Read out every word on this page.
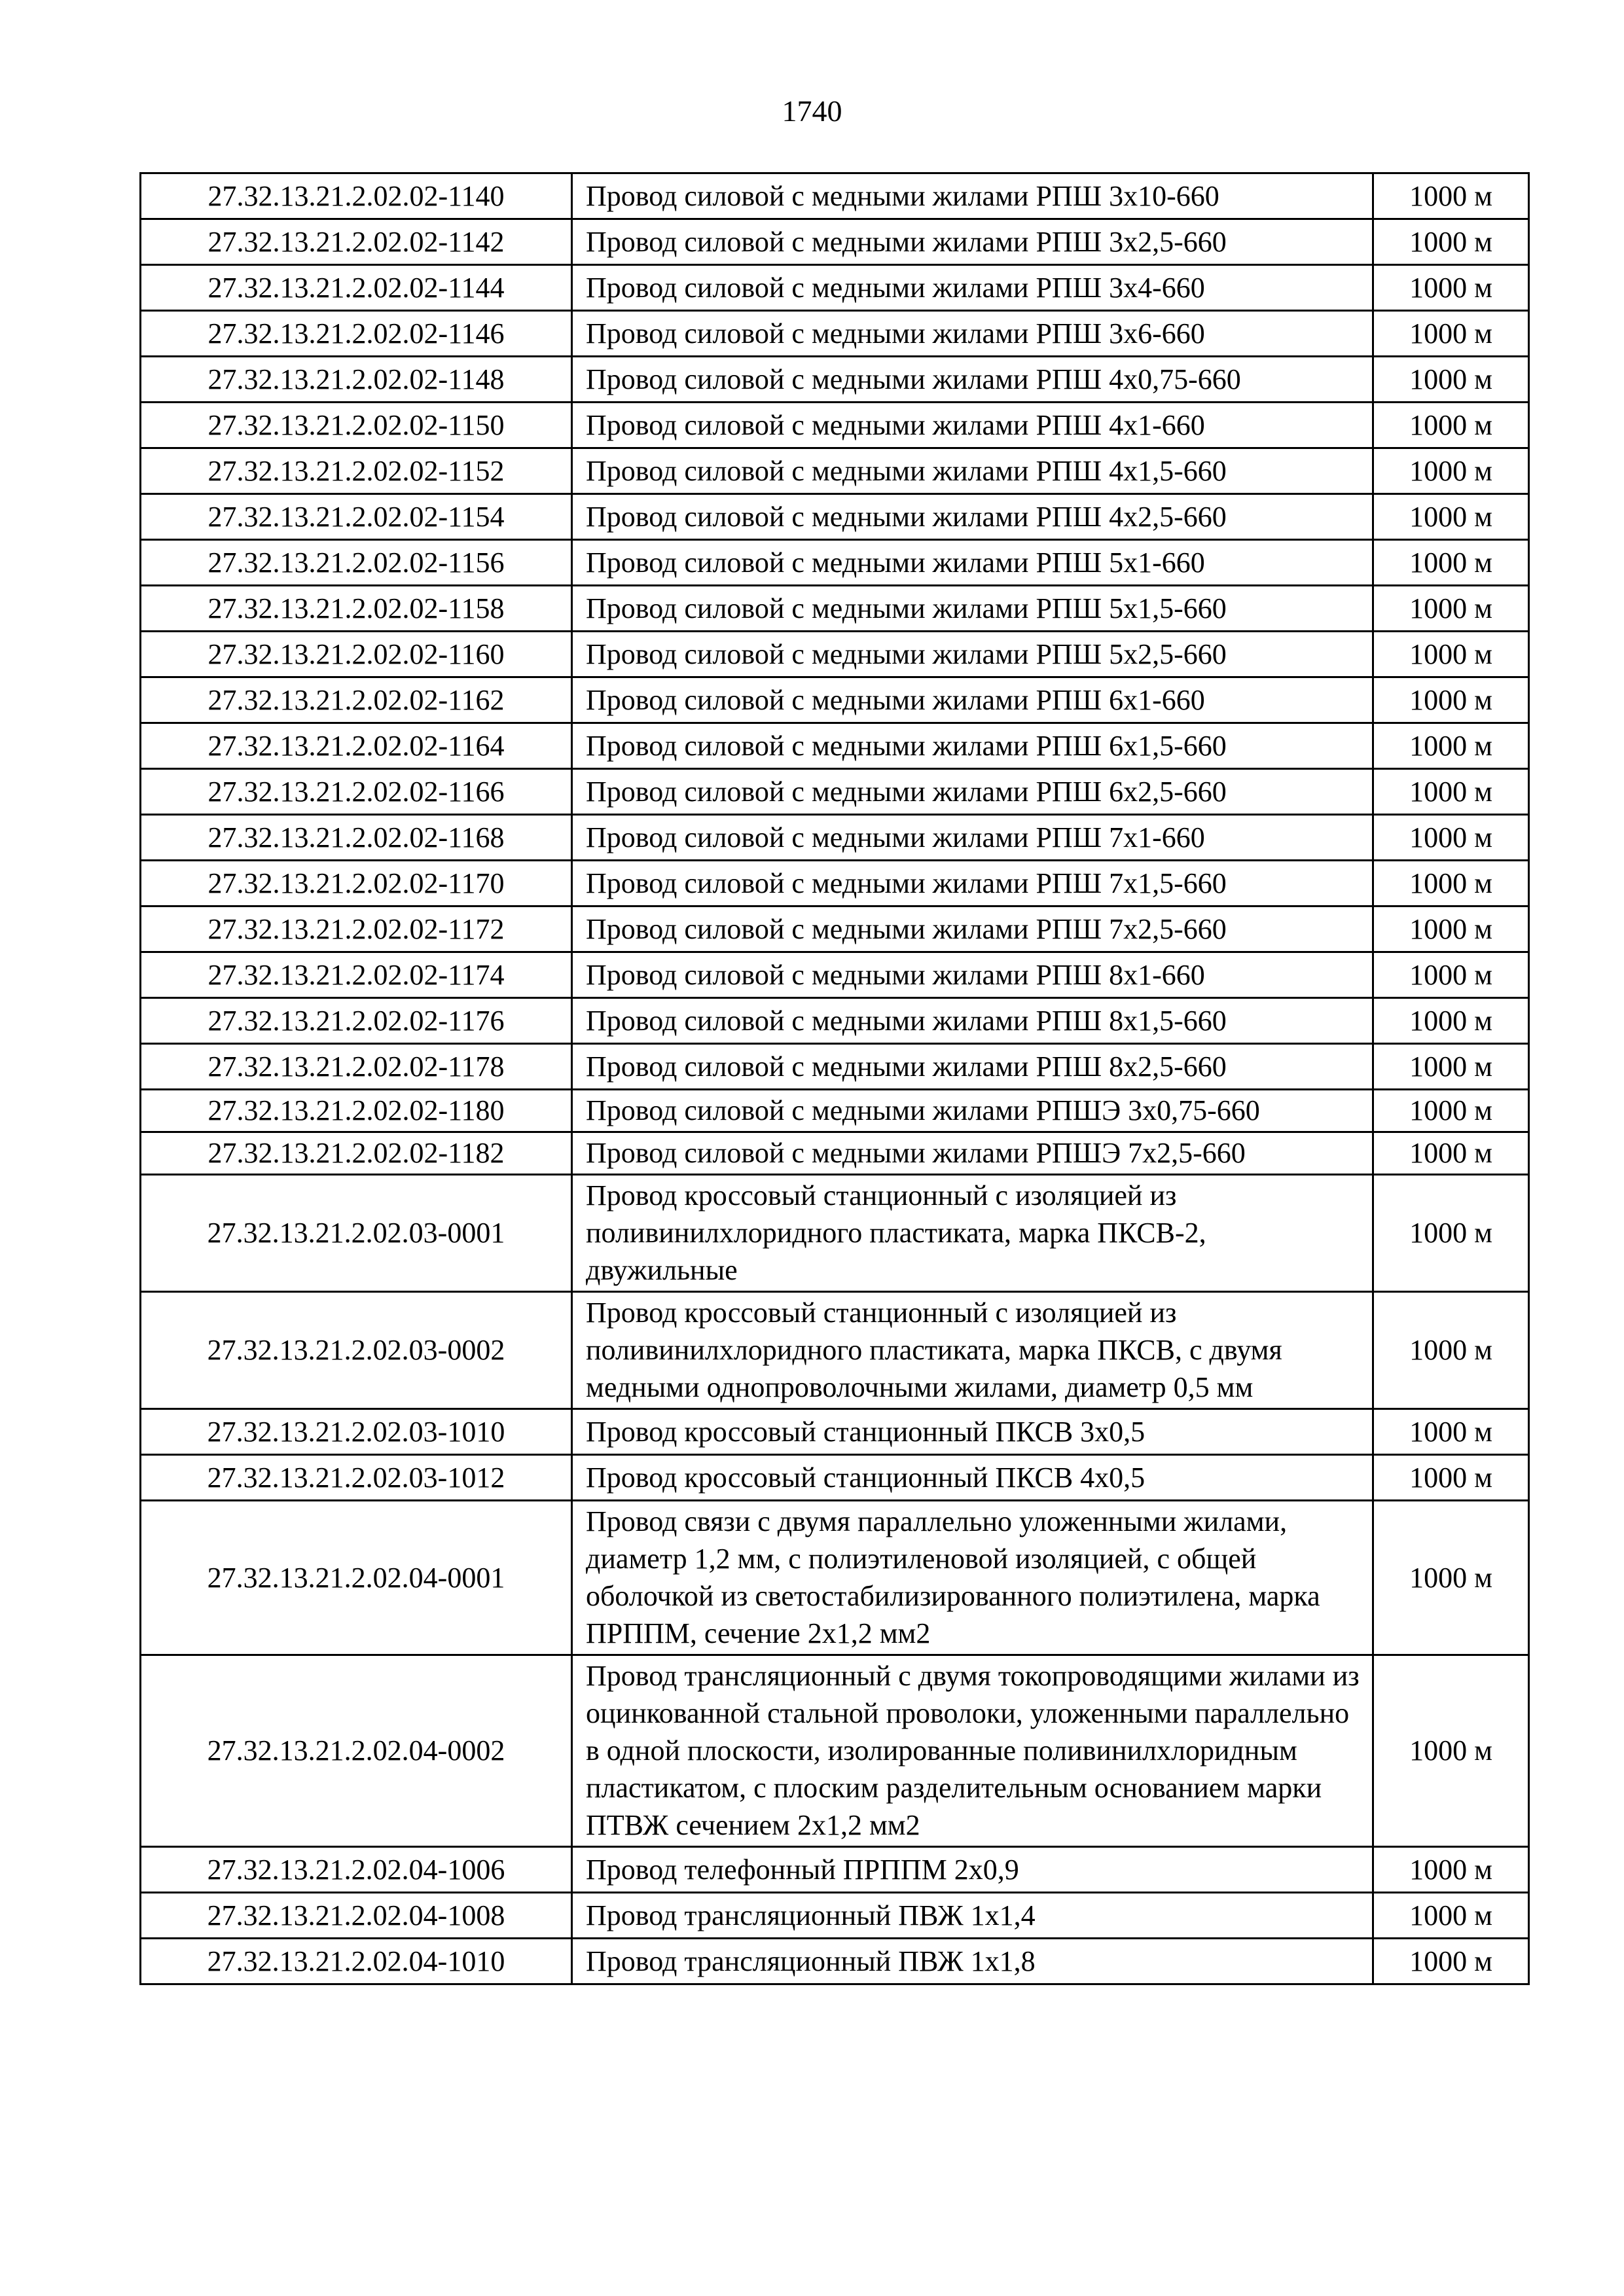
1740
27.32.13.21.2.02.02-1140	Провод силовой с медными жилами РПШ 3х10-660	1000 м
27.32.13.21.2.02.02-1142	Провод силовой с медными жилами РПШ 3х2,5-660	1000 м
27.32.13.21.2.02.02-1144	Провод силовой с медными жилами РПШ 3х4-660	1000 м
27.32.13.21.2.02.02-1146	Провод силовой с медными жилами РПШ 3х6-660	1000 м
27.32.13.21.2.02.02-1148	Провод силовой с медными жилами РПШ 4х0,75-660	1000 м
27.32.13.21.2.02.02-1150	Провод силовой с медными жилами РПШ 4х1-660	1000 м
27.32.13.21.2.02.02-1152	Провод силовой с медными жилами РПШ 4х1,5-660	1000 м
27.32.13.21.2.02.02-1154	Провод силовой с медными жилами РПШ 4х2,5-660	1000 м
27.32.13.21.2.02.02-1156	Провод силовой с медными жилами РПШ 5х1-660	1000 м
27.32.13.21.2.02.02-1158	Провод силовой с медными жилами РПШ 5х1,5-660	1000 м
27.32.13.21.2.02.02-1160	Провод силовой с медными жилами РПШ 5х2,5-660	1000 м
27.32.13.21.2.02.02-1162	Провод силовой с медными жилами РПШ 6х1-660	1000 м
27.32.13.21.2.02.02-1164	Провод силовой с медными жилами РПШ 6х1,5-660	1000 м
27.32.13.21.2.02.02-1166	Провод силовой с медными жилами РПШ 6х2,5-660	1000 м
27.32.13.21.2.02.02-1168	Провод силовой с медными жилами РПШ 7х1-660	1000 м
27.32.13.21.2.02.02-1170	Провод силовой с медными жилами РПШ 7х1,5-660	1000 м
27.32.13.21.2.02.02-1172	Провод силовой с медными жилами РПШ 7х2,5-660	1000 м
27.32.13.21.2.02.02-1174	Провод силовой с медными жилами РПШ 8х1-660	1000 м
27.32.13.21.2.02.02-1176	Провод силовой с медными жилами РПШ 8х1,5-660	1000 м
27.32.13.21.2.02.02-1178	Провод силовой с медными жилами РПШ 8х2,5-660	1000 м
27.32.13.21.2.02.02-1180	Провод силовой с медными жилами РПШЭ 3х0,75-660	1000 м
27.32.13.21.2.02.02-1182	Провод силовой с медными жилами РПШЭ 7х2,5-660	1000 м
27.32.13.21.2.02.03-0001	Провод кроссовый станционный с изоляцией из поливинилхлоридного пластиката, марка ПКСВ-2, двужильные	1000 м
27.32.13.21.2.02.03-0002	Провод кроссовый станционный с изоляцией из поливинилхлоридного пластиката, марка ПКСВ, с двумя медными однопроволочными жилами, диаметр 0,5 мм	1000 м
27.32.13.21.2.02.03-1010	Провод кроссовый станционный ПКСВ 3х0,5	1000 м
27.32.13.21.2.02.03-1012	Провод кроссовый станционный ПКСВ 4х0,5	1000 м
27.32.13.21.2.02.04-0001	Провод связи с двумя параллельно уложенными жилами, диаметр 1,2 мм, с полиэтиленовой изоляцией, с общей оболочкой из светостабилизированного полиэтилена, марка ПРППМ, сечение 2х1,2 мм2	1000 м
27.32.13.21.2.02.04-0002	Провод трансляционный с двумя токопроводящими жилами из оцинкованной стальной проволоки, уложенными параллельно в одной плоскости, изолированные поливинилхлоридным пластикатом, с плоским разделительным основанием марки ПТВЖ сечением 2х1,2 мм2	1000 м
27.32.13.21.2.02.04-1006	Провод телефонный ПРППМ 2х0,9	1000 м
27.32.13.21.2.02.04-1008	Провод трансляционный ПВЖ 1х1,4	1000 м
27.32.13.21.2.02.04-1010	Провод трансляционный ПВЖ 1х1,8	1000 м
